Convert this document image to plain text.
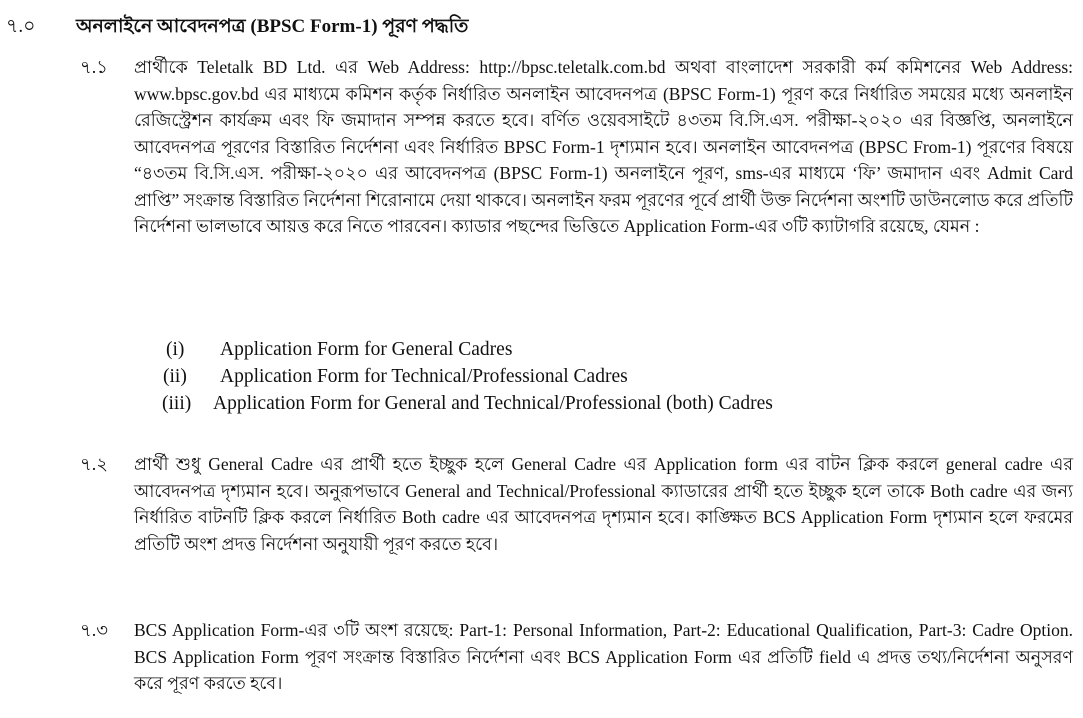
৭.০ অনলাইনে আবেদনপত্র (BPSC Form-1) পূরণ পদ্ধতি
৭.১	প্রার্থীকে Teletalk BD Ltd. এর Web Address: http://bpsc.teletalk.com.bd অথবা বাংলাদেশ সরকারী কর্ম কমিশনের Web Address: www.bpsc.gov.bd এর মাধ্যমে কমিশন কর্তৃক নির্ধারিত অনলাইন আবেদনপত্র (BPSC Form-1) পূরণ করে নির্ধারিত সময়ের মধ্যে অনলাইন রেজিস্ট্রেশন কার্যক্রম এবং ফি জমাদান সম্পন্ন করতে হবে। বর্ণিত ওয়েবসাইটে ৪৩তম বি.সি.এস. পরীক্ষা-২০২০ এর বিজ্ঞপ্তি, অনলাইনে আবেদনপত্র পূরণের বিস্তারিত নির্দেশনা এবং নির্ধারিত BPSC Form-1 দৃশ্যমান হবে। অনলাইন আবেদনপত্র (BPSC From-1) পূরণের বিষয়ে “৪৩তম বি.সি.এস. পরীক্ষা-২০২০ এর আবেদনপত্র (BPSC Form-1) অনলাইনে পূরণ, sms-এর মাধ্যমে ‘ফি’ জমাদান এবং Admit Card প্রাপ্তি” সংক্রান্ত বিস্তারিত নির্দেশনা শিরোনামে দেয়া থাকবে। অনলাইন ফরম পূরণের পূর্বে প্রার্থী উক্ত নির্দেশনা অংশটি ডাউনলোড করে প্রতিটি নির্দেশনা ভালভাবে আয়ত্ত করে নিতে পারবেন। ক্যাডার পছন্দের ভিত্তিতে Application Form-এর ৩টি ক্যাটাগরি রয়েছে, যেমন :
(i) Application Form for General Cadres
(ii) Application Form for Technical/Professional Cadres
(iii) Application Form for General and Technical/Professional (both) Cadres
৭.২	প্রার্থী শুধু General Cadre এর প্রার্থী হতে ইচ্ছুক হলে General Cadre এর Application form এর বাটন ক্লিক করলে general cadre এর আবেদনপত্র দৃশ্যমান হবে। অনুরূপভাবে General and Technical/Professional ক্যাডারের প্রার্থী হতে ইচ্ছুক হলে তাকে Both cadre এর জন্য নির্ধারিত বাটনটি ক্লিক করলে নির্ধারিত Both cadre এর আবেদনপত্র দৃশ্যমান হবে। কাঙ্ক্ষিত BCS Application Form দৃশ্যমান হলে ফরমের প্রতিটি অংশ প্রদত্ত নির্দেশনা অনুযায়ী পূরণ করতে হবে।
৭.৩	BCS Application Form-এর ৩টি অংশ রয়েছে: Part-1: Personal Information, Part-2: Educational Qualification, Part-3: Cadre Option. BCS Application Form পূরণ সংক্রান্ত বিস্তারিত নির্দেশনা এবং BCS Application Form এর প্রতিটি field এ প্রদত্ত তথ্য/নির্দেশনা অনুসরণ করে পূরণ করতে হবে।
